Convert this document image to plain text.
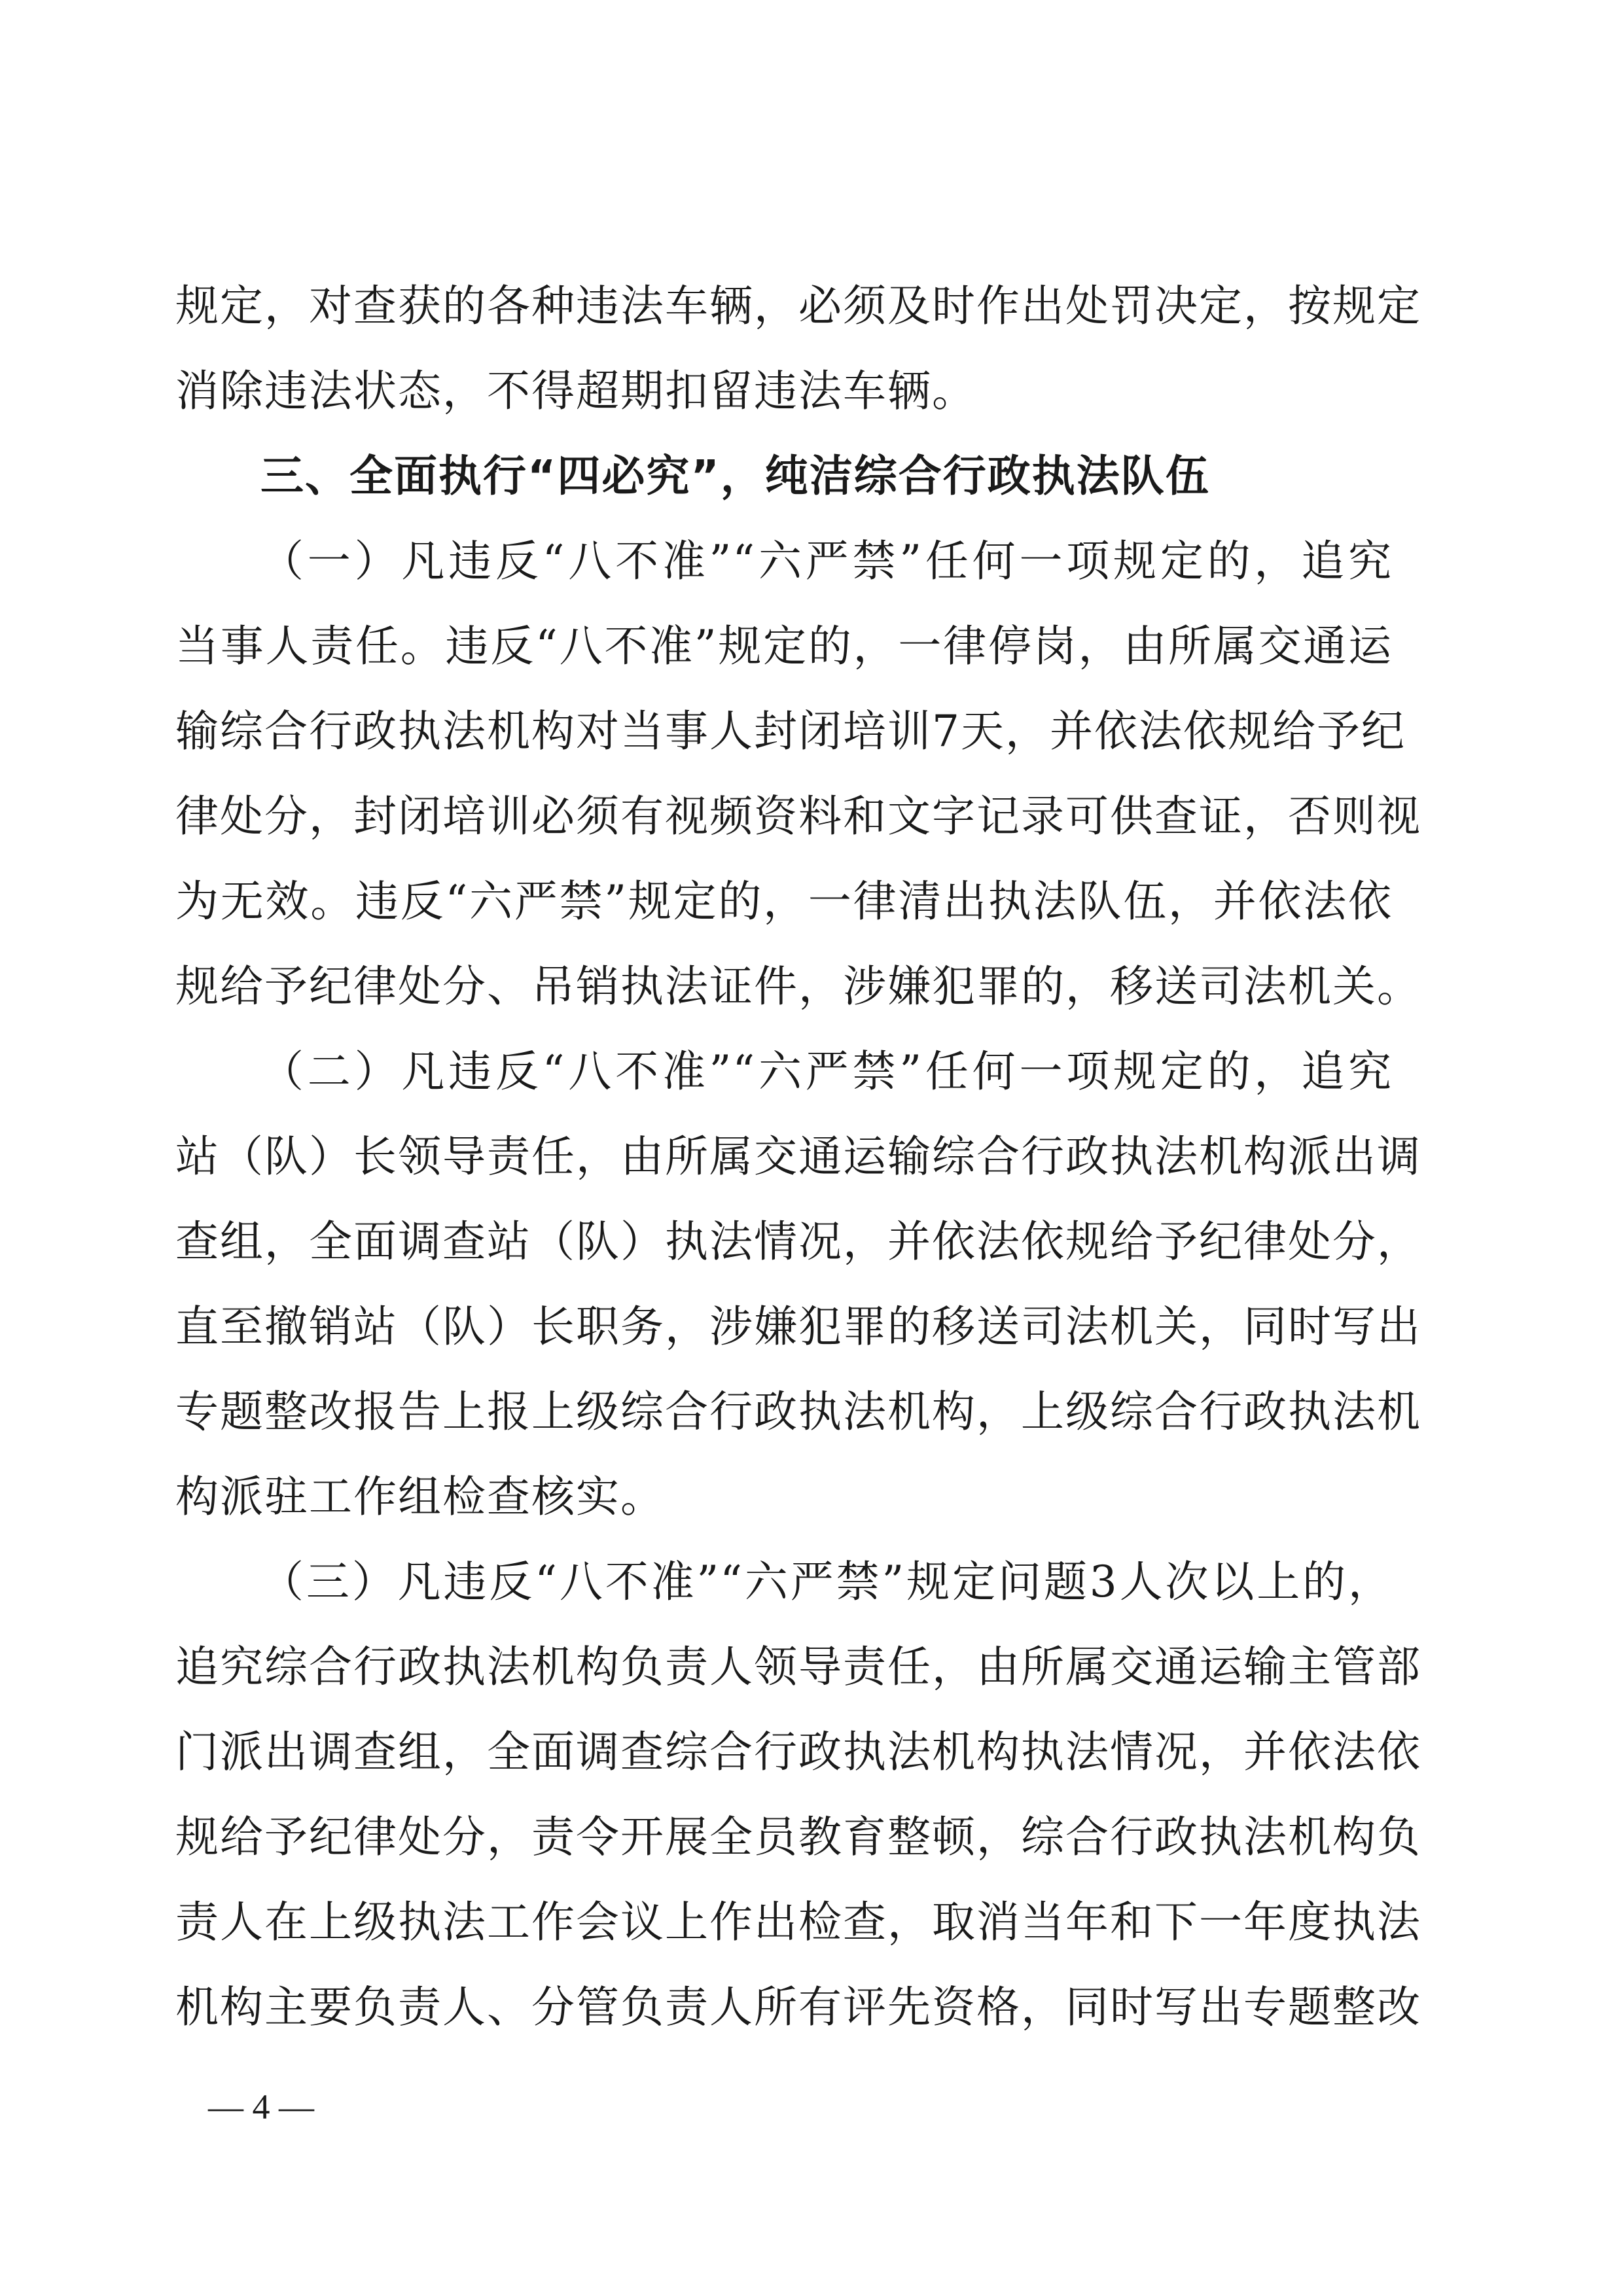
规定，对查获的各种违法车辆，必须及时作出处罚决定，按规定
消除违法状态，不得超期扣留违法车辆。
三、全面执行“四必究”，纯洁综合行政执法队伍
（一）凡违反“八不准”“六严禁”任何一项规定的，追究
当事人责任。违反“八不准”规定的，一律停岗，由所属交通运
输综合行政执法机构对当事人封闭培训7天，并依法依规给予纪
律处分，封闭培训必须有视频资料和文字记录可供查证，否则视
为无效。违反“六严禁”规定的，一律清出执法队伍，并依法依
规给予纪律处分、吊销执法证件，涉嫌犯罪的，移送司法机关。
（二）凡违反“八不准”“六严禁”任何一项规定的，追究
站（队）长领导责任，由所属交通运输综合行政执法机构派出调
查组，全面调查站（队）执法情况，并依法依规给予纪律处分，
直至撤销站（队）长职务，涉嫌犯罪的移送司法机关，同时写出
专题整改报告上报上级综合行政执法机构，上级综合行政执法机
构派驻工作组检查核实。
（三）凡违反“八不准”“六严禁”规定问题3人次以上的，
追究综合行政执法机构负责人领导责任，由所属交通运输主管部
门派出调查组，全面调查综合行政执法机构执法情况，并依法依
规给予纪律处分，责令开展全员教育整顿，综合行政执法机构负
责人在上级执法工作会议上作出检查，取消当年和下一年度执法
机构主要负责人、分管负责人所有评先资格，同时写出专题整改
— 4 —
